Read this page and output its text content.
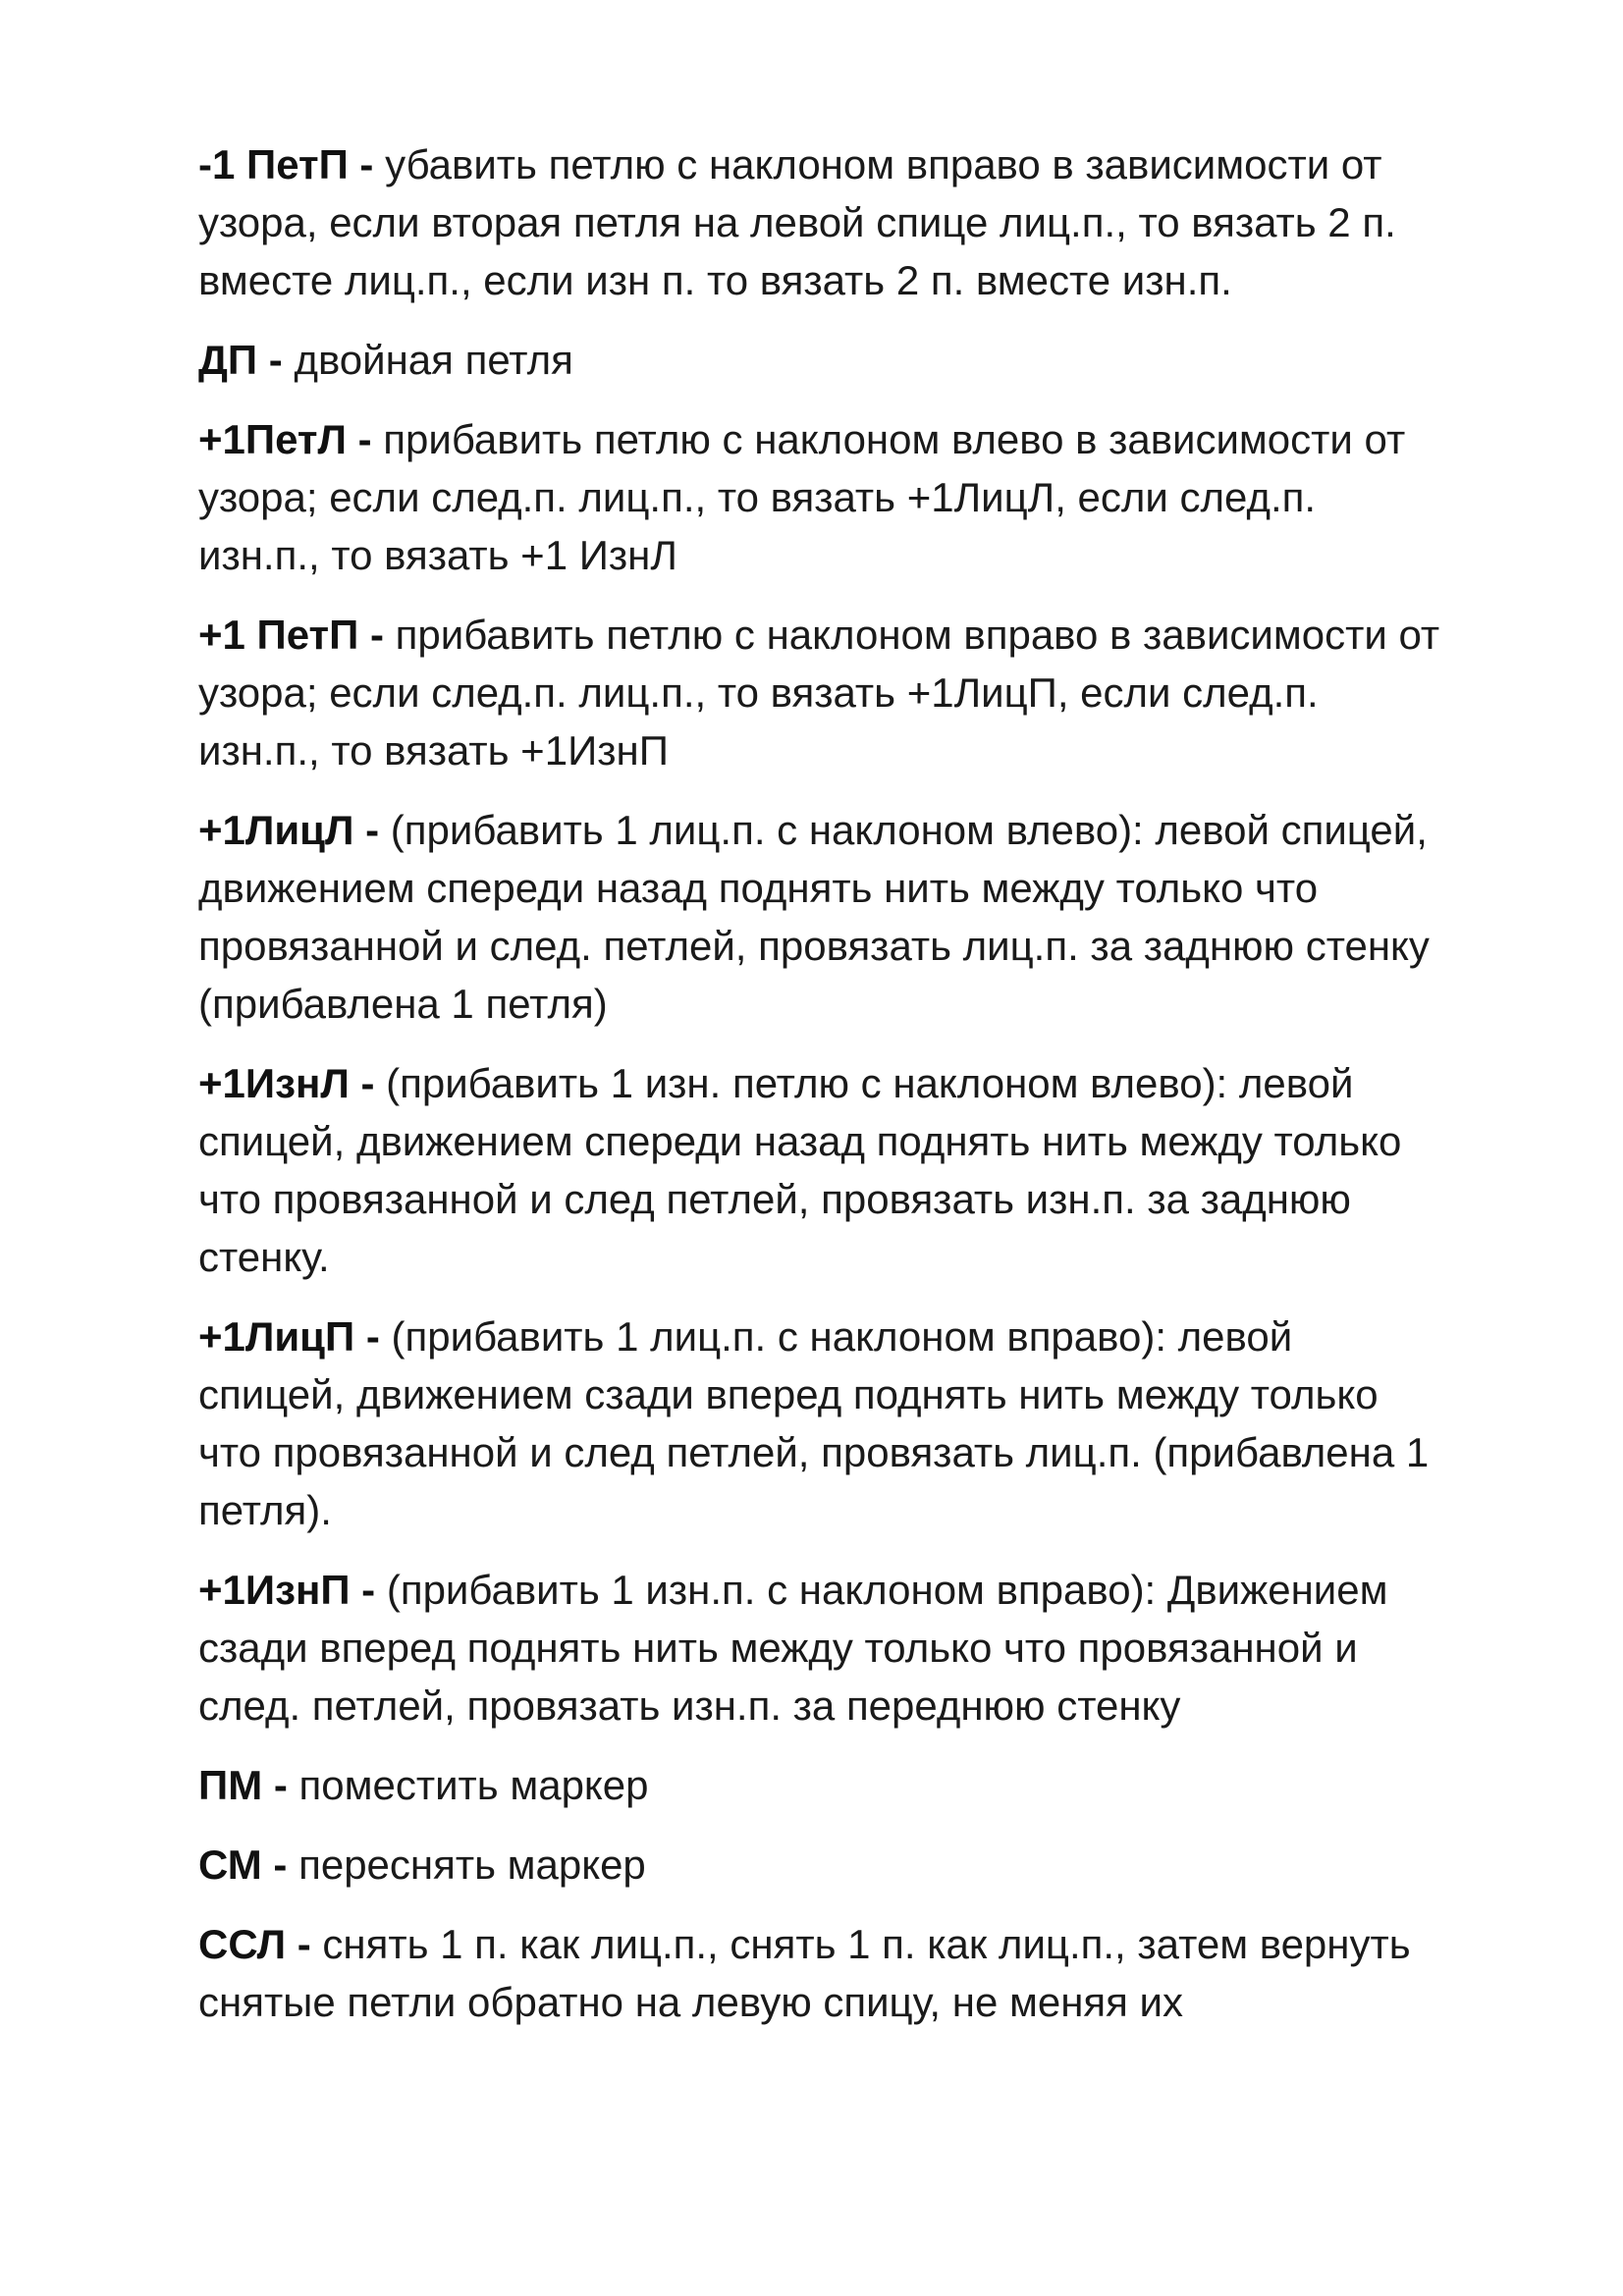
-1 ПетП - убавить петлю с наклоном вправо в зависимости от узора, если вторая петля на левой спице лиц.п., то вязать 2 п. вместе лиц.п., если изн п. то вязать 2 п. вместе изн.п.

ДП - двойная петля

+1ПетЛ - прибавить петлю с наклоном влево в зависимости от узора; если след.п. лиц.п., то вязать +1ЛицЛ, если след.п. изн.п., то вязать +1 ИзнЛ

+1 ПетП - прибавить петлю с наклоном вправо в зависимости от узора; если след.п. лиц.п., то вязать +1ЛицП, если след.п. изн.п., то вязать +1ИзнП

+1ЛицЛ - (прибавить 1 лиц.п. с наклоном влево): левой спицей, движением спереди назад поднять нить между только что провязанной и след. петлей, провязать лиц.п. за заднюю стенку (прибавлена 1 петля)

+1ИзнЛ - (прибавить 1 изн. петлю с наклоном влево): левой спицей, движением спереди назад поднять нить между только что провязанной и след петлей, провязать изн.п. за заднюю стенку.

+1ЛицП - (прибавить 1 лиц.п. с наклоном вправо): левой спицей, движением сзади вперед поднять нить между только что провязанной и след петлей, провязать лиц.п. (прибавлена 1 петля).

+1ИзнП - (прибавить 1 изн.п. с наклоном вправо): Движением сзади вперед поднять нить между только что провязанной и след. петлей, провязать изн.п. за переднюю стенку

ПМ - поместить маркер

СМ - переснять маркер

ССЛ - снять 1 п. как лиц.п., снять 1 п. как лиц.п., затем вернуть снятые петли обратно на левую спицу, не меняя их
